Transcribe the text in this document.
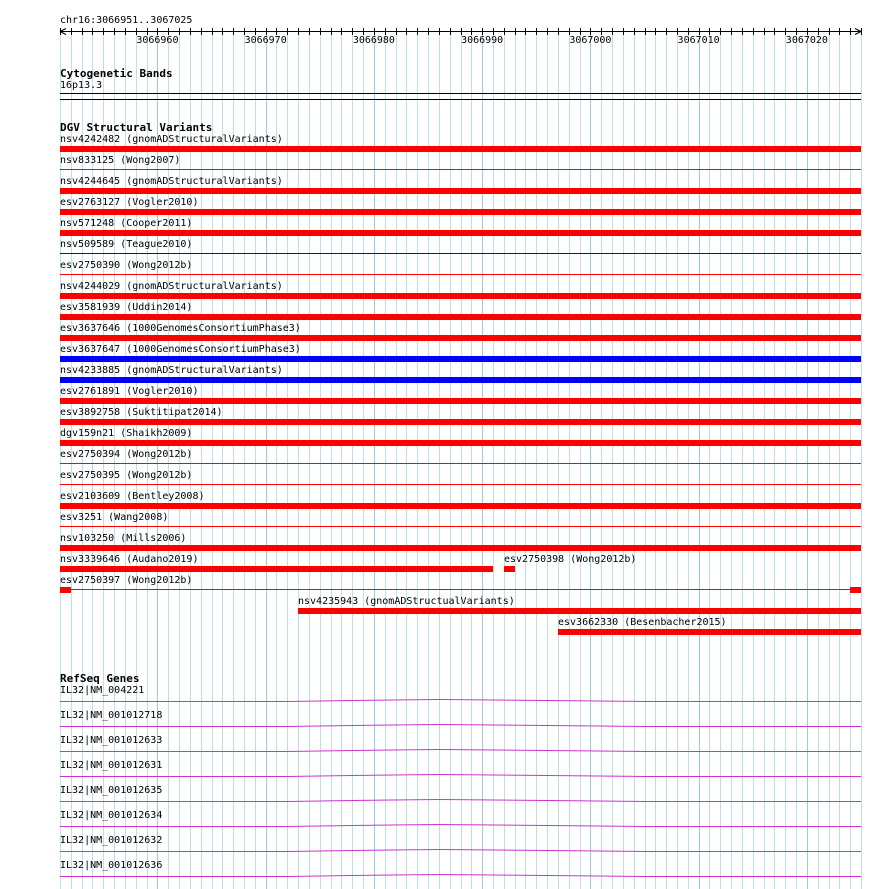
chr16:3066951..3067025
3066960	3066970	3066980	3066990	3067000	3067010	3067020
Cytogenetic Bands
16p13.3
DGV Structural Variants
nsv4242482 (gnomADStructuralVariants)
nsv833125 (Wong2007)
nsv4244645 (gnomADStructuralVariants)
esv2763127 (Vogler2010)
nsv571248 (Cooper2011)
nsv509589 (Teague2010)
esv2750390 (Wong2012b)
nsv4244029 (gnomADStructuralVariants)
esv3581939 (Uddin2014)
esv3637646 (1000GenomesConsortiumPhase3)
esv3637647 (1000GenomesConsortiumPhase3)
nsv4233885 (gnomADStructuralVariants)
esv2761891 (Vogler2010)
esv3892758 (Suktitipat2014)
dgv159n21 (Shaikh2009)
esv2750394 (Wong2012b)
esv2750395 (Wong2012b)
esv2103609 (Bentley2008)
esv3251 (Wang2008)
nsv103250 (Mills2006)
nsv3339646 (Audano2019)	esv2750398 (Wong2012b)
esv2750397 (Wong2012b)
nsv4235943 (gnomADStructualVariants)
esv3662330 (Besenbacher2015)
RefSeq Genes
IL32|NM_004221
IL32|NM_001012718
IL32|NM_001012633
IL32|NM_001012631
IL32|NM_001012635
IL32|NM_001012634
IL32|NM_001012632
IL32|NM_001012636
